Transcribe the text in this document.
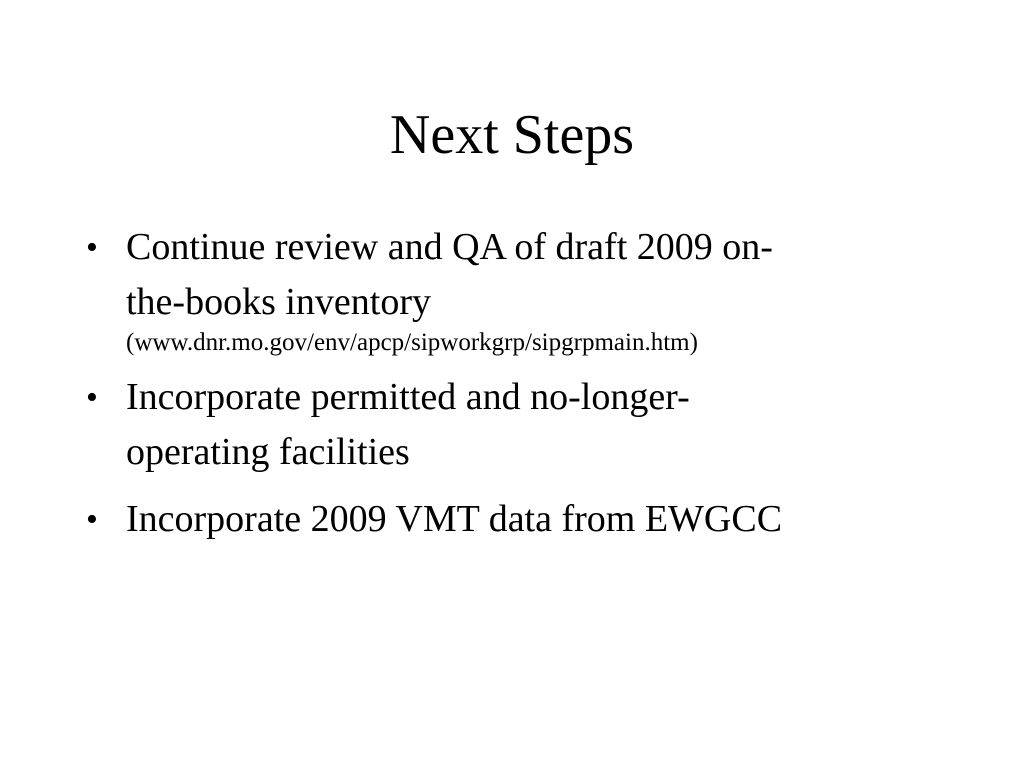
Next Steps
• Continue review and QA of draft 2009 on-
the-books inventory
(www.dnr.mo.gov/env/apcp/sipworkgrp/sipgrpmain.htm)
• Incorporate permitted and no-longer-
operating facilities
• Incorporate 2009 VMT data from EWGCC
